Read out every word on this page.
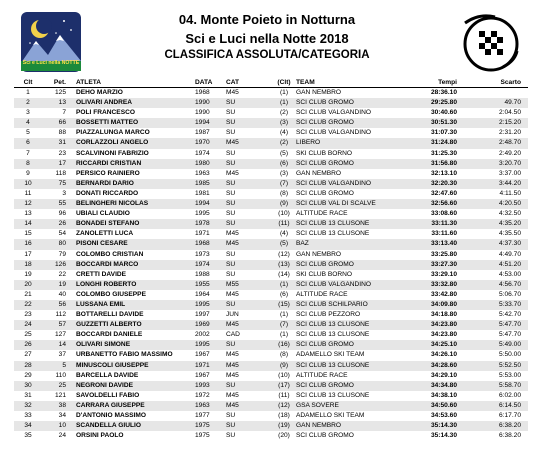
Sci e Luci nella NOTTE
04. Monte Poieto in Notturna
Sci e Luci nella Notte 2018
CLASSIFICA ASSOLUTA/CATEGORIA
Clt	Pet. ATLETA	DATA	CAT	(Clt) TEAM	Tempi	Scarto
1	125 DEHO MARZIO	1968	M45	(1)	GAN NEMBRO	28:36.10
2	13 OLIVARI ANDREA	1990	SU	(1)	SCI CLUB GROMO	29:25.80	49.70
3	7 POLI FRANCESCO	1990	SU	(2)	SCI CLUB VALGANDINO	30:40.60	2:04.50
4	66 BOSSETTI MATTEO	1994	SU	(3)	SCI CLUB GROMO	30:51.30	2:15.20
5	88 PIAZZALUNGA MARCO	1987	SU	(4)	SCI CLUB VALGANDINO	31:07.30	2:31.20
6	31 CORLAZZOLI ANGELO	1970	M45	(2)	LIBERO	31:24.80	2:48.70
7	23 SCALVINONI FABRIZIO	1974	SU	(5)	SKI CLUB BORNO	31:25.30	2:49.20
8	17 RICCARDI CRISTIAN	1980	SU	(6)	SCI CLUB GROMO	31:56.80	3:20.70
9	118 PERSICO RAINIERO	1963	M45	(3)	GAN NEMBRO	32:13.10	3:37.00
10	75 BERNARDI DARIO	1985	SU	(7)	SCI CLUB VALGANDINO	32:20.30	3:44.20
11	3 DONATI RICCARDO	1981	SU	(8)	SCI CLUB GROMO	32:47.60	4:11.50
12	55 BELINGHERI NICOLAS	1994	SU	(9)	SCI CLUB VAL DI SCALVE	32:56.60	4:20.50
13	96 UBIALI CLAUDIO	1995	SU	(10) ALTITUDE RACE	33:08.60	4:32.50
14	26 BONADEI STEFANO	1978	SU	(11) SCI CLUB 13 CLUSONE	33:11.30	4:35.20
15	54 ZANOLETTI LUCA	1971	M45	(4)	SCI CLUB 13 CLUSONE	33:11.60	4:35.50
16	80 PISONI CESARE	1968	M45	(5)	BAZ	33:13.40	4:37.30
17	79 COLOMBO CRISTIAN	1973	SU	(12) GAN NEMBRO	33:25.80	4:49.70
18	126 BOCCARDI MARCO	1974	SU	(13) SCI CLUB GROMO	33:27.30	4:51.20
19	22 CRETTI DAVIDE	1988	SU	(14) SKI CLUB BORNO	33:29.10	4:53.00
20	19 LONGHI ROBERTO	1955	M55	(1)	SCI CLUB VALGANDINO	33:32.80	4:56.70
21	40 COLOMBO GIUSEPPE	1964	M45	(6)	ALTITUDE RACE	33:42.80	5:06.70
22	56 LUSSANA EMIL	1995	SU	(15) SCI CLUB SCHILPARIO	34:09.80	5:33.70
23	112 BOTTARELLI DAVIDE	1997	JUN	(1)	SCI CLUB PEZZORO	34:18.80	5:42.70
24	57 GUZZETTI ALBERTO	1969	M45	(7)	SCI CLUB 13 CLUSONE	34:23.80	5:47.70
25	127 BOCCARDI DANIELE	2002	CAD	(1)	SCI CLUB 13 CLUSONE	34:23.80	5:47.70
26	14 OLIVARI SIMONE	1995	SU	(16) SCI CLUB GROMO	34:25.10	5:49.00
27	37 URBANETTO FABIO MASSIMO	1967	M45	(8)	ADAMELLO SKI TEAM	34:26.10	5:50.00
28	5 MINUSCOLI GIUSEPPE	1971	M45	(9)	SCI CLUB 13 CLUSONE	34:28.60	5:52.50
29	110 BARCELLA DAVIDE	1967	M45	(10) ALTITUDE RACE	34:29.10	5:53.00
30	25 NEGRONI DAVIDE	1993	SU	(17) SCI CLUB GROMO	34:34.80	5:58.70
31	121 SAVOLDELLI FABIO	1972	M45	(11) SCI CLUB 13 CLUSONE	34:38.10	6:02.00
32	38 CARRARA GIUSEPPE	1963	M45	(12) GSA SOVERE	34:50.60	6:14.50
33	34 D'ANTONIO MASSIMO	1977	SU	(18) ADAMELLO SKI TEAM	34:53.60	6:17.70
34	10 SCANDELLA GIULIO	1975	SU	(19) GAN NEMBRO	35:14.30	6:38.20
35	24 ORSINI PAOLO	1975	SU	(20) SCI CLUB GROMO	35:14.30	6:38.20
